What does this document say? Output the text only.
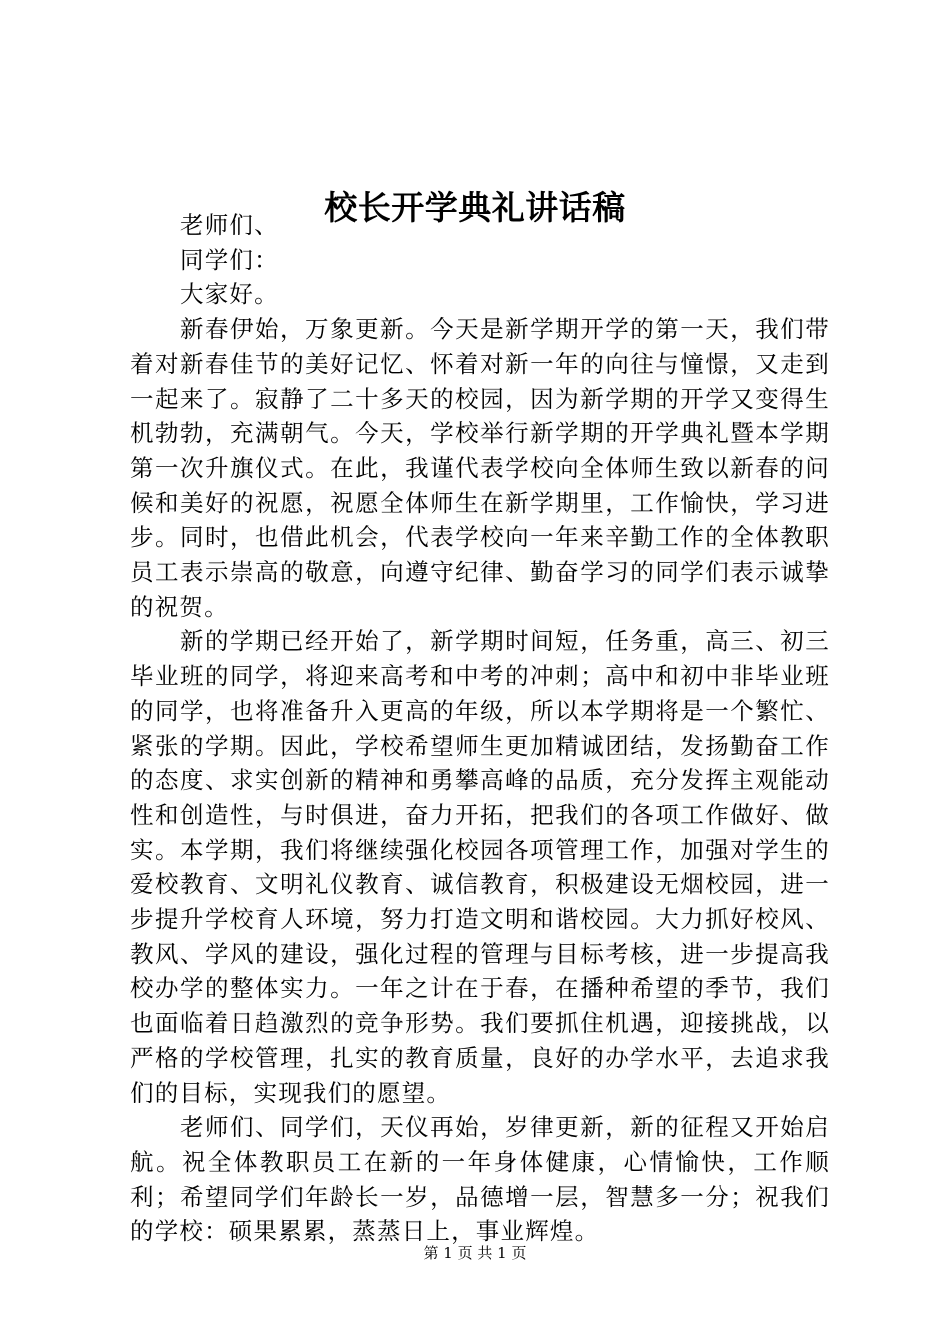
校长开学典礼讲话稿

老师们、

同学们：

大家好。

新春伊始，万象更新。今天是新学期开学的第一天，我们带着对新春佳节的美好记忆、怀着对新一年的向往与憧憬，又走到一起来了。寂静了二十多天的校园，因为新学期的开学又变得生机勃勃，充满朝气。今天，学校举行新学期的开学典礼暨本学期第一次升旗仪式。在此，我谨代表学校向全体师生致以新春的问候和美好的祝愿，祝愿全体师生在新学期里，工作愉快，学习进步。同时，也借此机会，代表学校向一年来辛勤工作的全体教职员工表示崇高的敬意，向遵守纪律、勤奋学习的同学们表示诚挚的祝贺。

新的学期已经开始了，新学期时间短，任务重，高三、初三毕业班的同学，将迎来高考和中考的冲刺；高中和初中非毕业班的同学，也将准备升入更高的年级，所以本学期将是一个繁忙、紧张的学期。因此，学校希望师生更加精诚团结，发扬勤奋工作的态度、求实创新的精神和勇攀高峰的品质，充分发挥主观能动性和创造性，与时俱进，奋力开拓，把我们的各项工作做好、做实。本学期，我们将继续强化校园各项管理工作，加强对学生的爱校教育、文明礼仪教育、诚信教育，积极建设无烟校园，进一步提升学校育人环境，努力打造文明和谐校园。大力抓好校风、教风、学风的建设，强化过程的管理与目标考核，进一步提高我校办学的整体实力。一年之计在于春，在播种希望的季节，我们也面临着日趋激烈的竞争形势。我们要抓住机遇，迎接挑战，以严格的学校管理，扎实的教育质量，良好的办学水平，去追求我们的目标，实现我们的愿望。

老师们、同学们，天仪再始，岁律更新，新的征程又开始启航。祝全体教职员工在新的一年身体健康，心情愉快，工作顺利；希望同学们年龄长一岁，品德增一层，智慧多一分；祝我们的学校：硕果累累，蒸蒸日上，事业辉煌。

第 1 页 共 1 页
